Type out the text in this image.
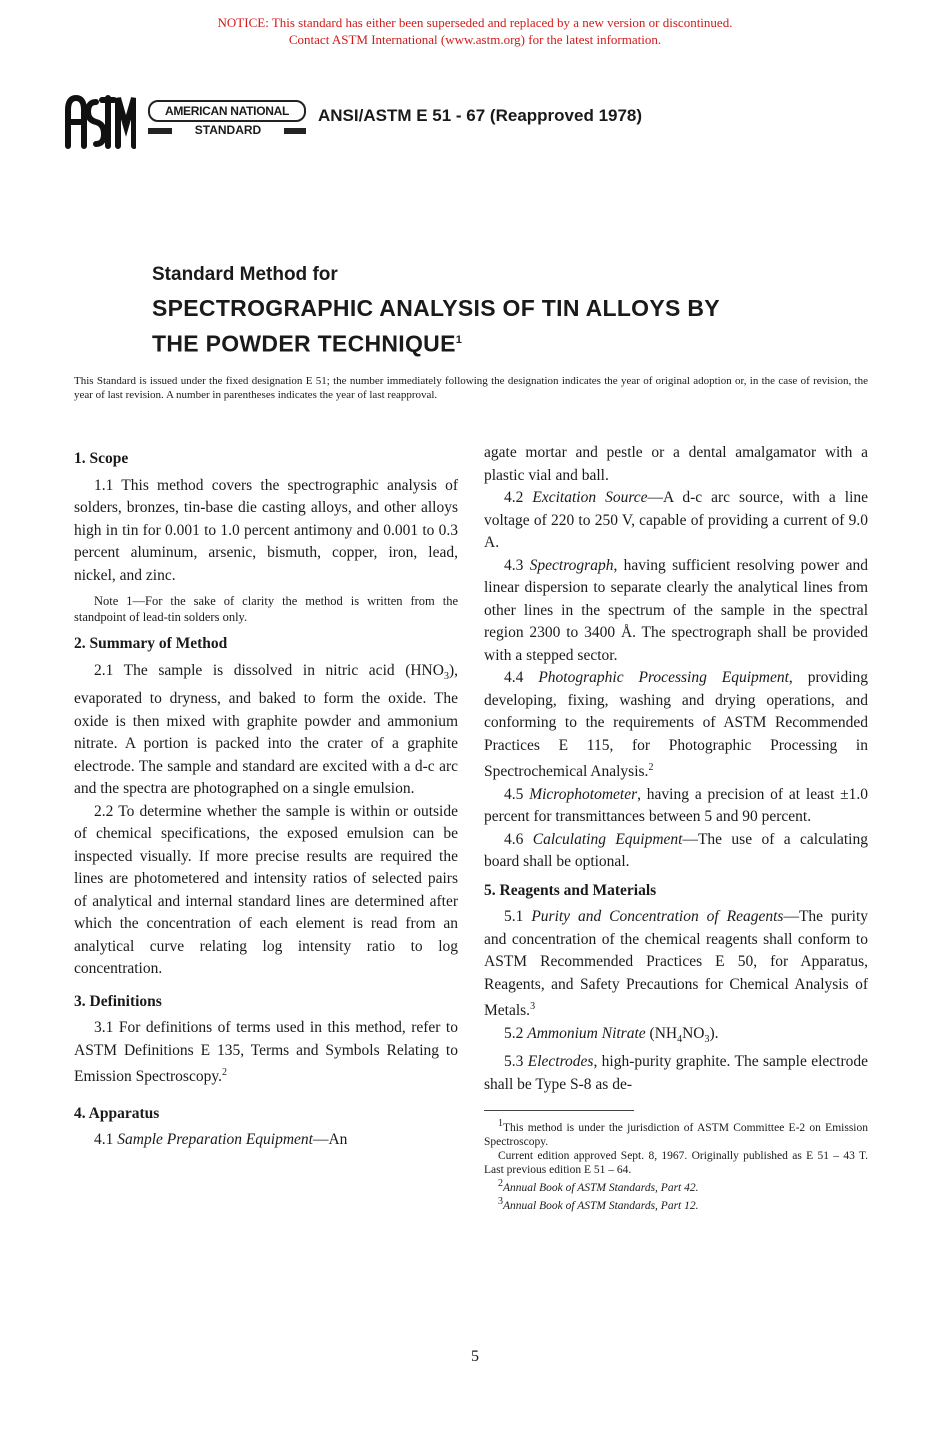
NOTICE: This standard has either been superseded and replaced by a new version or discontinued.
Contact ASTM International (www.astm.org) for the latest information.
AMERICAN NATIONAL
STANDARD
ANSI/ASTM E 51 - 67 (Reapproved 1978)

Standard Method for

SPECTROGRAPHIC ANALYSIS OF TIN ALLOYS BY

THE POWDER TECHNIQUE$^1$

This Standard is issued under the fixed designation E 51; the number immediately following the designation indicates the year of original adoption or, in the case of revision, the year of last revision. A number in parentheses indicates the year of last reapproval.
1. Scope

1.1 This method covers the spectrographic analysis of solders, bronzes, tin-base die casting alloys, and other alloys high in tin for 0.001 to 1.0 percent antimony and 0.001 to 0.3 percent aluminum, arsenic, bismuth, copper, iron, lead, nickel, and zinc.

Note 1—For the sake of clarity the method is written from the standpoint of lead-tin solders only.

2. Summary of Method

2.1 The sample is dissolved in nitric acid $(HNO_3)$, evaporated to dryness, and baked to form the oxide. The oxide is then mixed with graphite powder and ammonium nitrate. A portion is packed into the crater of a graphite electrode. The sample and standard are excited with a d-c arc and the spectra are photographed on a single emulsion.

2.2 To determine whether the sample is within or outside of chemical specifications, the exposed emulsion can be inspected visually. If more precise results are required the lines are photometered and intensity ratios of selected pairs of analytical and internal standard lines are determined after which the concentration of each element is read from an analytical curve relating log intensity ratio to log concentration.

3. Definitions

3.1 For definitions of terms used in this method, refer to ASTM Definitions E 135, Terms and Symbols Relating to Emission Spectroscopy.$^2$

4. Apparatus

4.1 Sample Preparation Equipment—An

agate mortar and pestle or a dental amalgamator with a plastic vial and ball.

4.2 Excitation Source—A d-c arc source, with a line voltage of 220 to 250 V, capable of providing a current of 9.0 A.

4.3 Spectrograph, having sufficient resolving power and linear dispersion to separate clearly the analytical lines from other lines in the spectrum of the sample in the spectral region 2300 to 3400 Å. The spectrograph shall be provided with a stepped sector.

4.4 Photographic Processing Equipment, providing developing, fixing, washing and drying operations, and conforming to the requirements of ASTM Recommended Practices E 115, for Photographic Processing in Spectrochemical Analysis.$^2$

4.5 Microphotometer, having a precision of at least ±1.0 percent for transmittances between 5 and 90 percent.

4.6 Calculating Equipment—The use of a calculating board shall be optional.

5. Reagents and Materials

5.1 Purity and Concentration of Reagents—The purity and concentration of the chemical reagents shall conform to ASTM Recommended Practices E 50, for Apparatus, Reagents, and Safety Precautions for Chemical Analysis of Metals.$^3$

5.2 Ammonium Nitrate $(NH_4NO_3)$.

5.3 Electrodes, high-purity graphite. The sample electrode shall be Type S-8 as de-

$^1$This method is under the jurisdiction of ASTM Committee E-2 on Emission Spectroscopy.

Current edition approved Sept. 8, 1967. Originally published as E 51 – 43 T. Last previous edition E 51 – 64.

$^2$Annual Book of ASTM Standards, Part 42.

$^3$Annual Book of ASTM Standards, Part 12.

5
